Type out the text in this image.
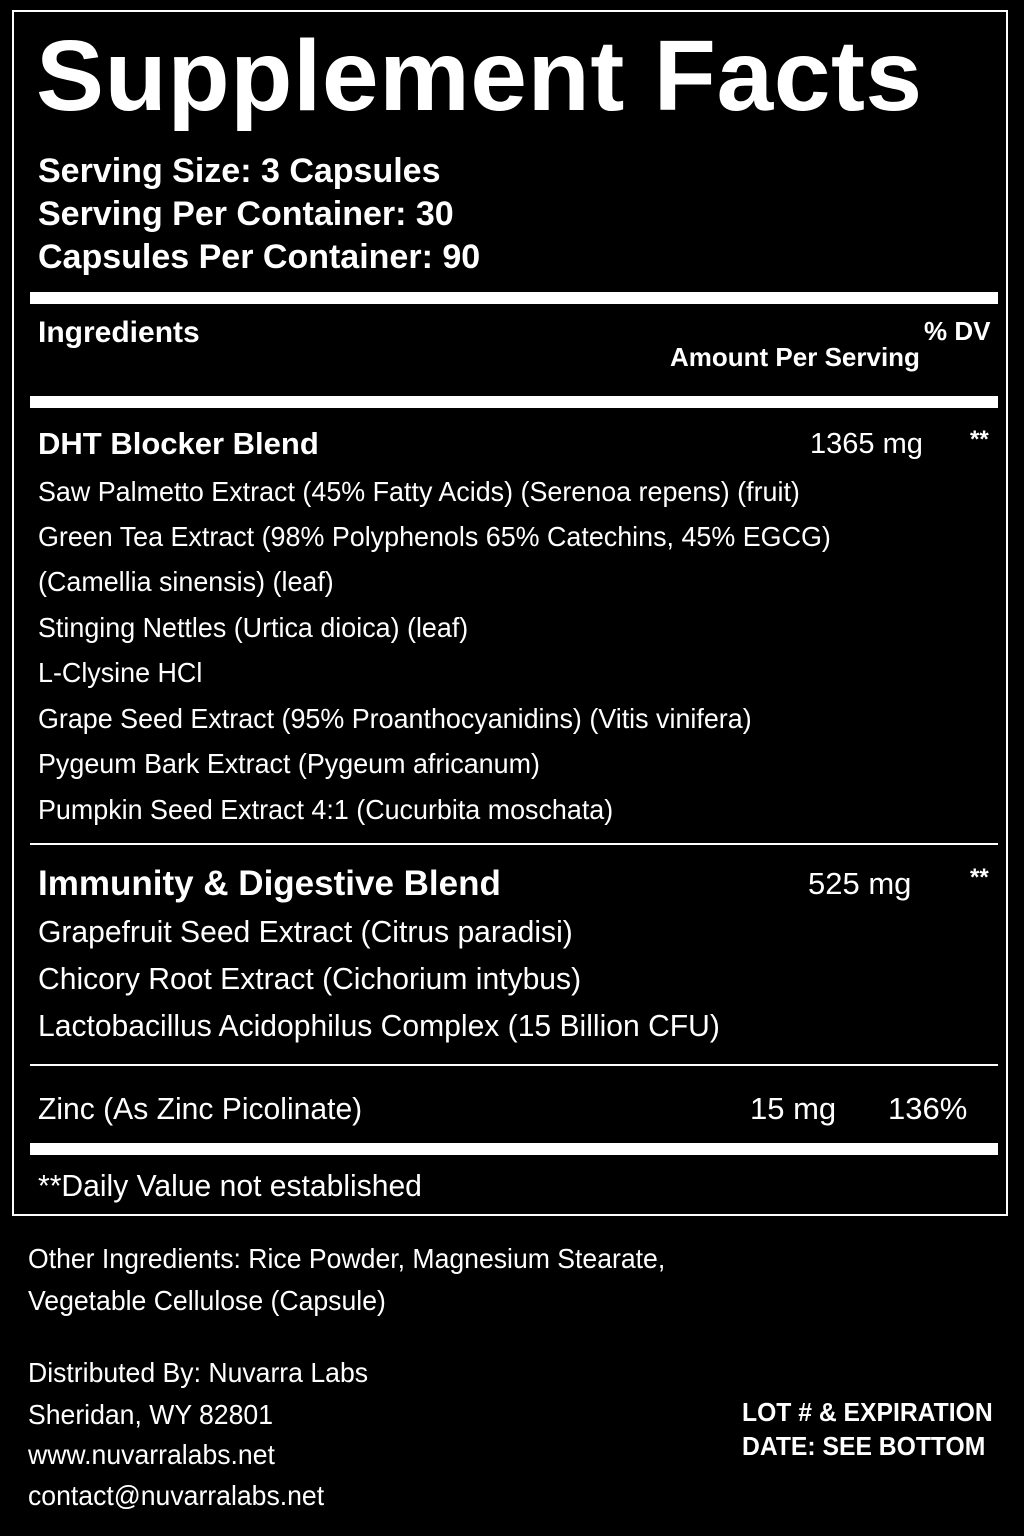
Supplement Facts
Serving Size: 3 Capsules
Serving Per Container: 30
Capsules Per Container: 90
Ingredients
Amount Per Serving
% DV
DHT Blocker Blend	1365 mg **
Saw Palmetto Extract (45% Fatty Acids) (Serenoa repens) (fruit)
Green Tea Extract (98% Polyphenols 65% Catechins, 45% EGCG)
(Camellia sinensis) (leaf)
Stinging Nettles (Urtica dioica) (leaf)
L-Clysine HCl
Grape Seed Extract (95% Proanthocyanidins) (Vitis vinifera)
Pygeum Bark Extract (Pygeum africanum)
Pumpkin Seed Extract 4:1 (Cucurbita moschata)
Immunity & Digestive Blend	525 mg **
Grapefruit Seed Extract (Citrus paradisi)
Chicory Root Extract (Cichorium intybus)
Lactobacillus Acidophilus Complex (15 Billion CFU)
Zinc (As Zinc Picolinate)	15 mg 136%
**Daily Value not established
Other Ingredients: Rice Powder, Magnesium Stearate,
Vegetable Cellulose (Capsule)
Distributed By: Nuvarra Labs
Sheridan, WY 82801
www.nuvarralabs.net
contact@nuvarralabs.net
LOT # & EXPIRATION
DATE: SEE BOTTOM
